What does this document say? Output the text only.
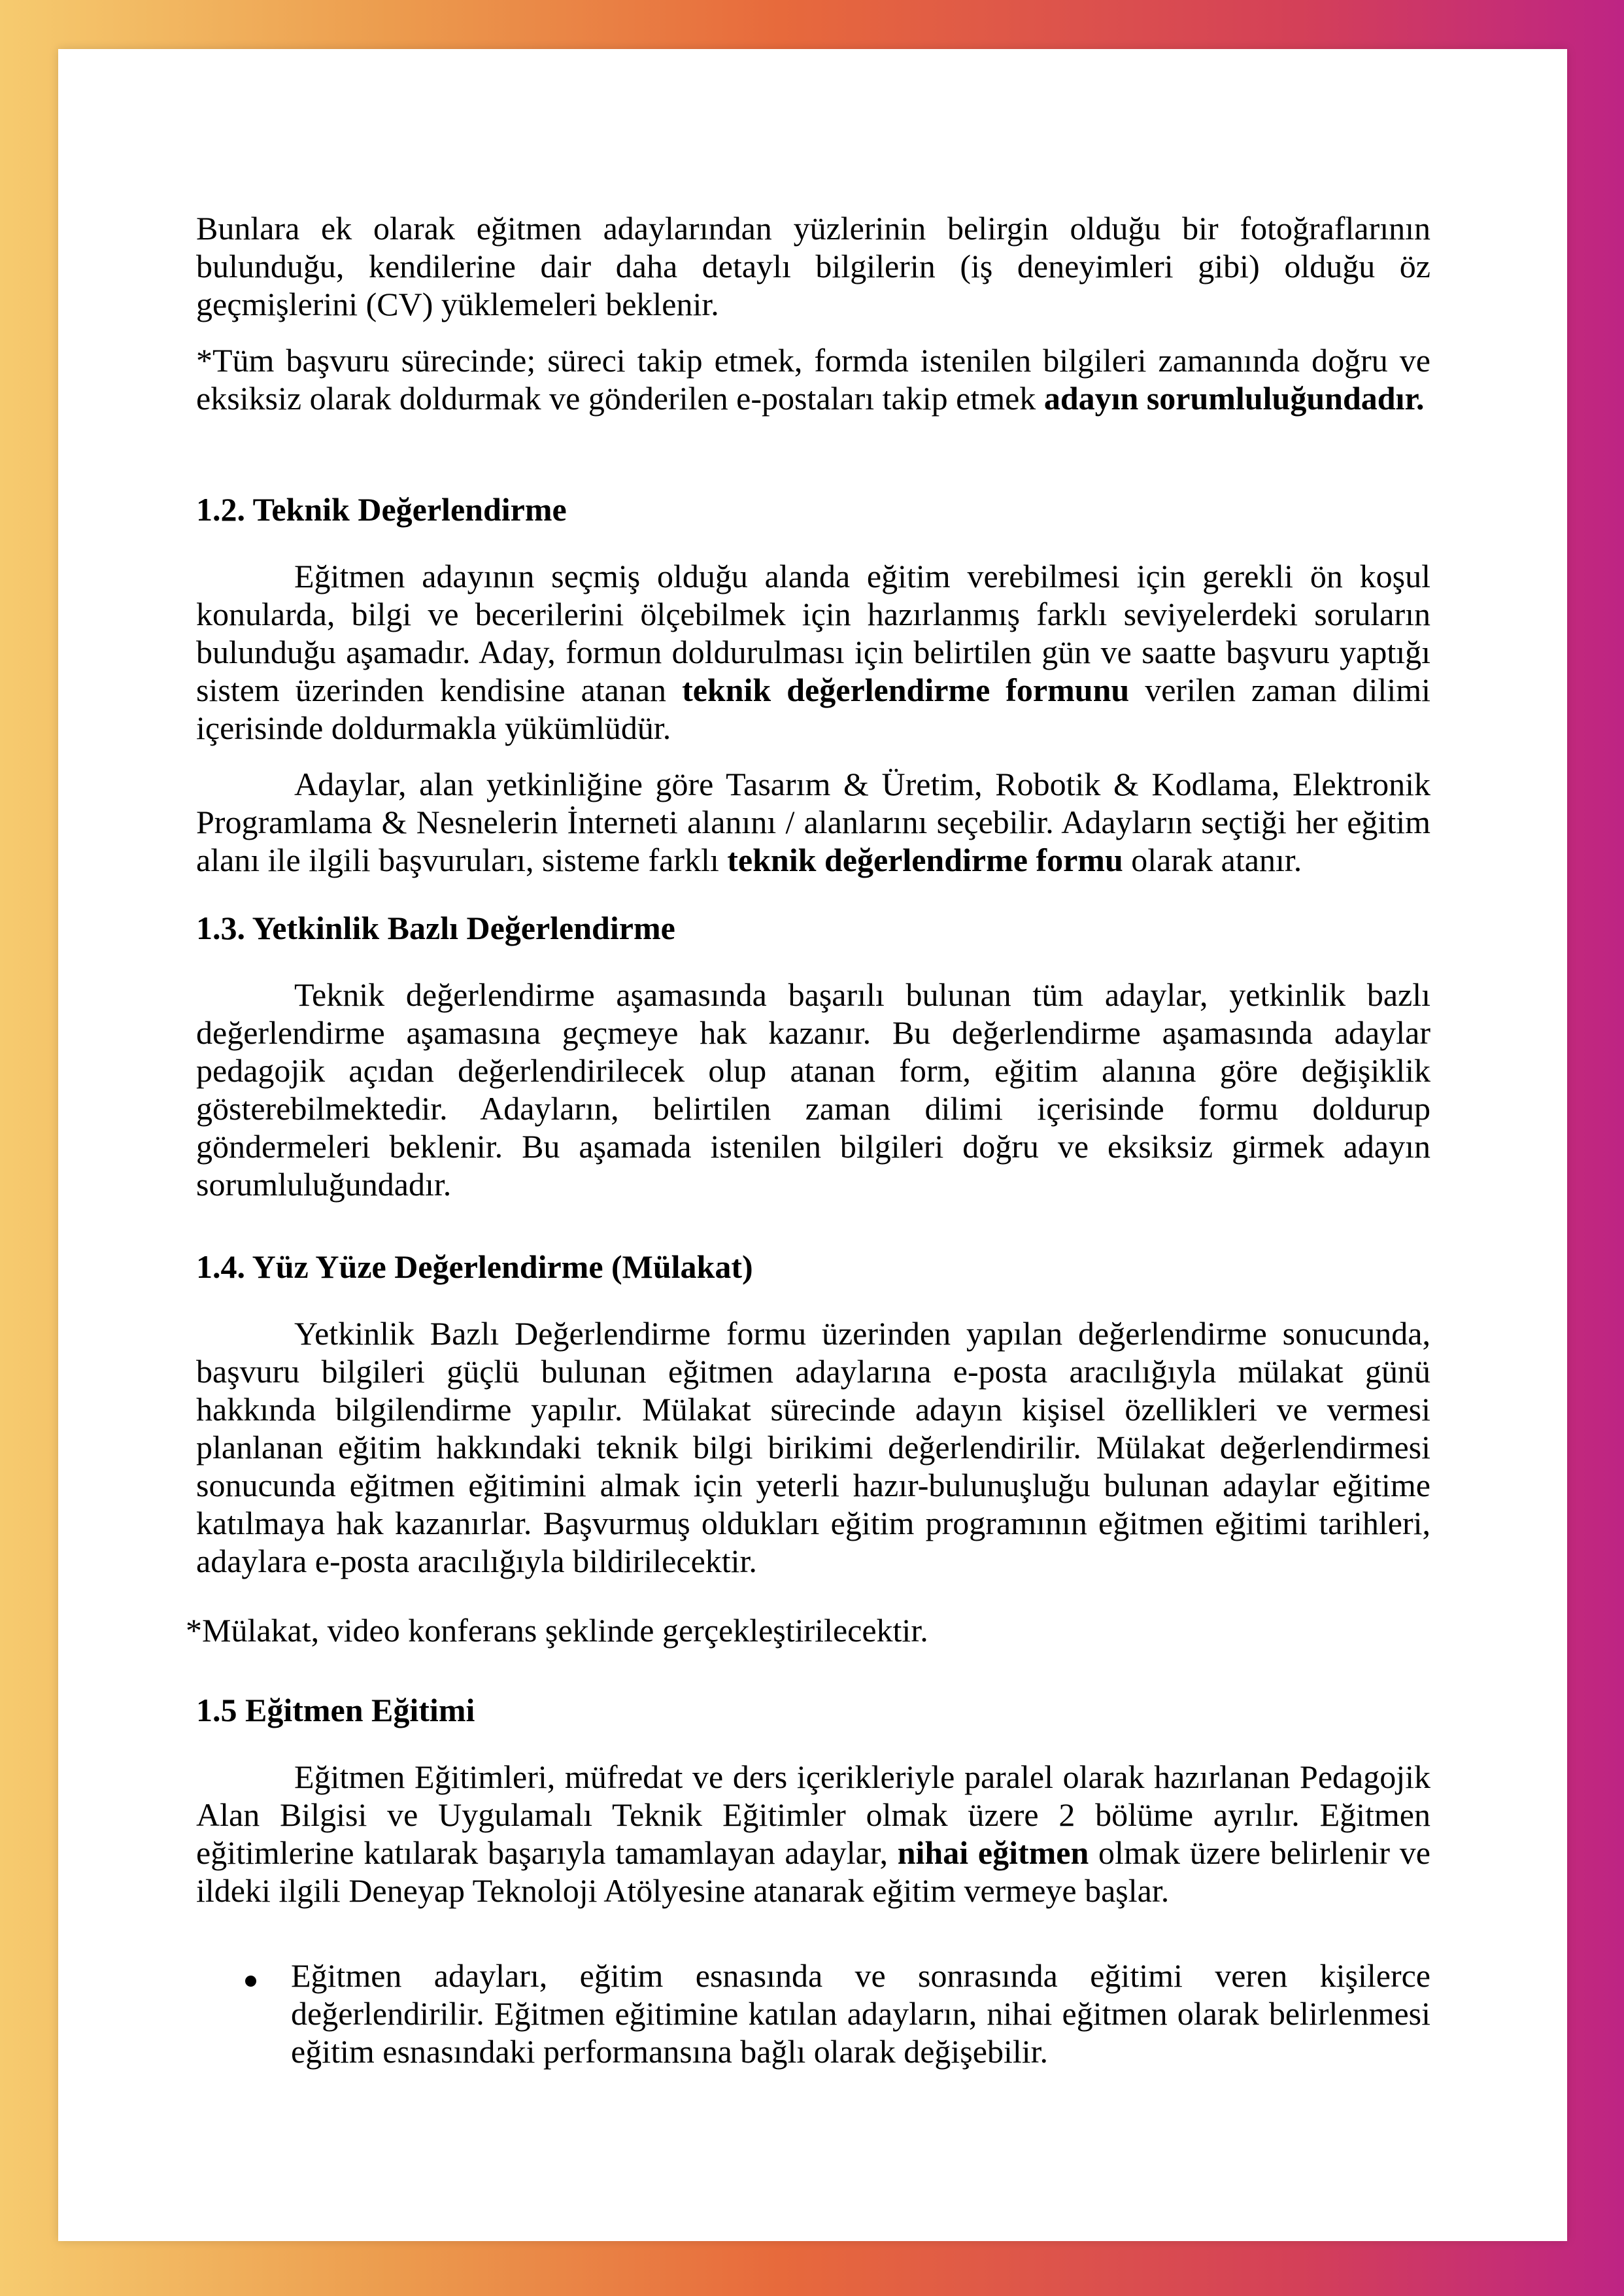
Bunlara ek olarak eğitmen adaylarından yüzlerinin belirgin olduğu bir fotoğraflarının bulunduğu, kendilerine dair daha detaylı bilgilerin (iş deneyimleri gibi) olduğu öz geçmişlerini (CV) yüklemeleri beklenir.

*Tüm başvuru sürecinde; süreci takip etmek, formda istenilen bilgileri zamanında doğru ve eksiksiz olarak doldurmak ve gönderilen e-postaları takip etmek adayın sorumluluğundadır.

1.2. Teknik Değerlendirme

Eğitmen adayının seçmiş olduğu alanda eğitim verebilmesi için gerekli ön koşul konularda, bilgi ve becerilerini ölçebilmek için hazırlanmış farklı seviyelerdeki soruların bulunduğu aşamadır. Aday, formun doldurulması için belirtilen gün ve saatte başvuru yaptığı sistem üzerinden kendisine atanan teknik değerlendirme formunu verilen zaman dilimi içerisinde doldurmakla yükümlüdür.

Adaylar, alan yetkinliğine göre Tasarım & Üretim, Robotik & Kodlama, Elektronik Programlama & Nesnelerin İnterneti alanını / alanlarını seçebilir. Adayların seçtiği her eğitim alanı ile ilgili başvuruları, sisteme farklı teknik değerlendirme formu olarak atanır.

1.3. Yetkinlik Bazlı Değerlendirme

Teknik değerlendirme aşamasında başarılı bulunan tüm adaylar, yetkinlik bazlı değerlendirme aşamasına geçmeye hak kazanır. Bu değerlendirme aşamasında adaylar pedagojik açıdan değerlendirilecek olup atanan form, eğitim alanına göre değişiklik gösterebilmektedir. Adayların, belirtilen zaman dilimi içerisinde formu doldurup göndermeleri beklenir. Bu aşamada istenilen bilgileri doğru ve eksiksiz girmek adayın sorumluluğundadır.

1.4. Yüz Yüze Değerlendirme (Mülakat)

Yetkinlik Bazlı Değerlendirme formu üzerinden yapılan değerlendirme sonucunda, başvuru bilgileri güçlü bulunan eğitmen adaylarına e-posta aracılığıyla mülakat günü hakkında bilgilendirme yapılır. Mülakat sürecinde adayın kişisel özellikleri ve vermesi planlanan eğitim hakkındaki teknik bilgi birikimi değerlendirilir. Mülakat değerlendirmesi sonucunda eğitmen eğitimini almak için yeterli hazır-bulunuşluğu bulunan adaylar eğitime katılmaya hak kazanırlar. Başvurmuş oldukları eğitim programının eğitmen eğitimi tarihleri, adaylara e-posta aracılığıyla bildirilecektir.

*Mülakat, video konferans şeklinde gerçekleştirilecektir.

1.5 Eğitmen Eğitimi

Eğitmen Eğitimleri, müfredat ve ders içerikleriyle paralel olarak hazırlanan Pedagojik Alan Bilgisi ve Uygulamalı Teknik Eğitimler olmak üzere 2 bölüme ayrılır. Eğitmen eğitimlerine katılarak başarıyla tamamlayan adaylar, nihai eğitmen olmak üzere belirlenir ve ildeki ilgili Deneyap Teknoloji Atölyesine atanarak eğitim vermeye başlar.

Eğitmen adayları, eğitim esnasında ve sonrasında eğitimi veren kişilerce değerlendirilir. Eğitmen eğitimine katılan adayların, nihai eğitmen olarak belirlenmesi eğitim esnasındaki performansına bağlı olarak değişebilir.
